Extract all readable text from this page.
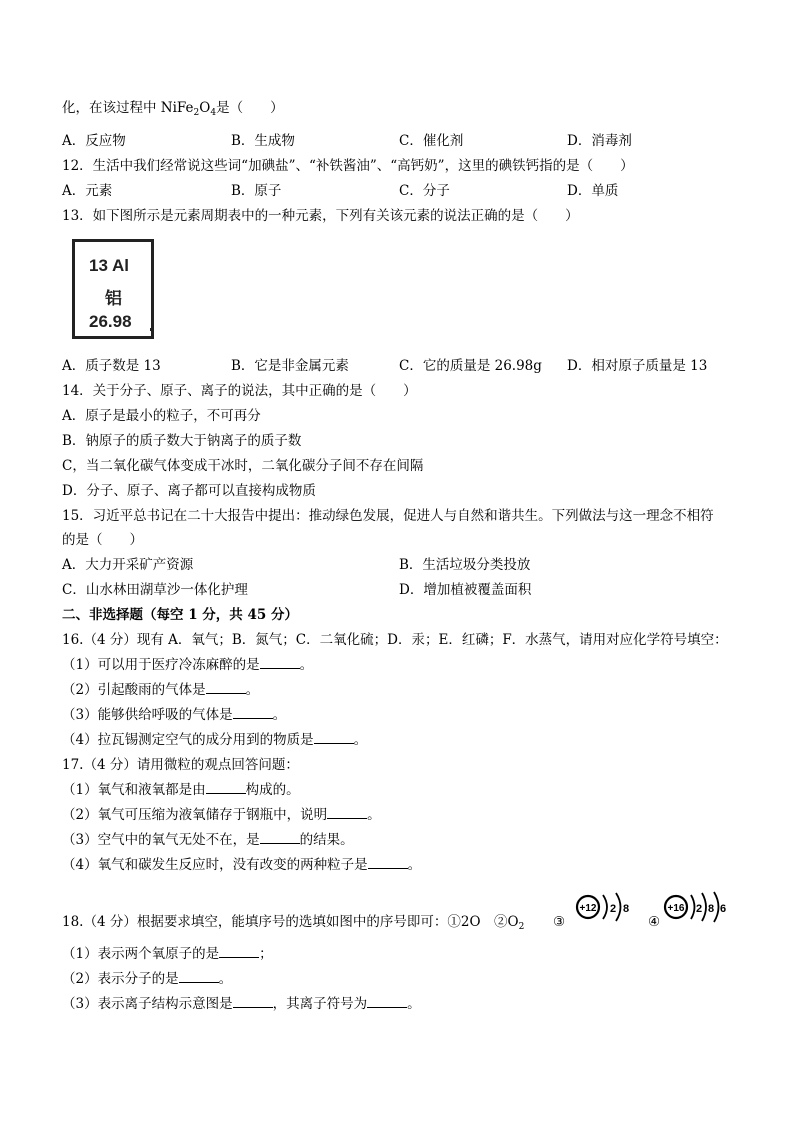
化，在该过程中 $NiFe_2O_4$是（　　）
A．反应物	B．生成物	C．催化剂	D．消毒剂
12．生活中我们经常说这些词“加碘盐”、“补铁酱油”、“高钙奶”，这里的碘铁钙指的是（　　）
A．元素	B．原子	C．分子	D．单质
13．如下图所示是元素周期表中的一种元素，下列有关该元素的说法正确的是（　　）
13 Al
铝
26.98
A．质子数是 13	B．它是非金属元素	C．它的质量是 26.98g D．相对原子质量是 13
14．关于分子、原子、离子的说法，其中正确的是（　　）
A．原子是最小的粒子，不可再分
B．钠原子的质子数大于钠离子的质子数
C，当二氧化碳气体变成干冰时，二氧化碳分子间不存在间隔
D．分子、原子、离子都可以直接构成物质
15．习近平总书记在二十大报告中提出：推动绿色发展，促进人与自然和谐共生。下列做法与这一理念不相符
的是（　　）
A．大力开采矿产资源	B．生活垃圾分类投放
C．山水林田湖草沙一体化护理	D．增加植被覆盖面积
二、非选择题（每空 1 分，共 45 分）
16.（4 分）现有 A．氧气；B．氮气；C．二氧化硫；D．汞；E．红磷；F．水蒸气，请用对应化学符号填空：
（1）可以用于医疗冷冻麻醉的是	。
（2）引起酸雨的气体是	。
（3）能够供给呼吸的气体是	。
（4）拉瓦锡测定空气的成分用到的物质是	。
17.（4 分）请用微粒的观点回答问题：
（1）氧气和液氧都是由	构成的。
（2）氧气可压缩为液氧储存于钢瓶中，说明	。
（3）空气中的氧气无处不在，是	的结果。
（4）氧气和碳发生反应时，没有改变的两种粒子是	。
18.（4 分）根据要求填空，能填序号的选填如图中的序号即可：①2O　$②O_2$ ③	④
+12 2 8	+16 2 8 6
（1）表示两个氧原子的是	；
（2）表示分子的是	。
（3）表示离子结构示意图是	，其离子符号为	。
